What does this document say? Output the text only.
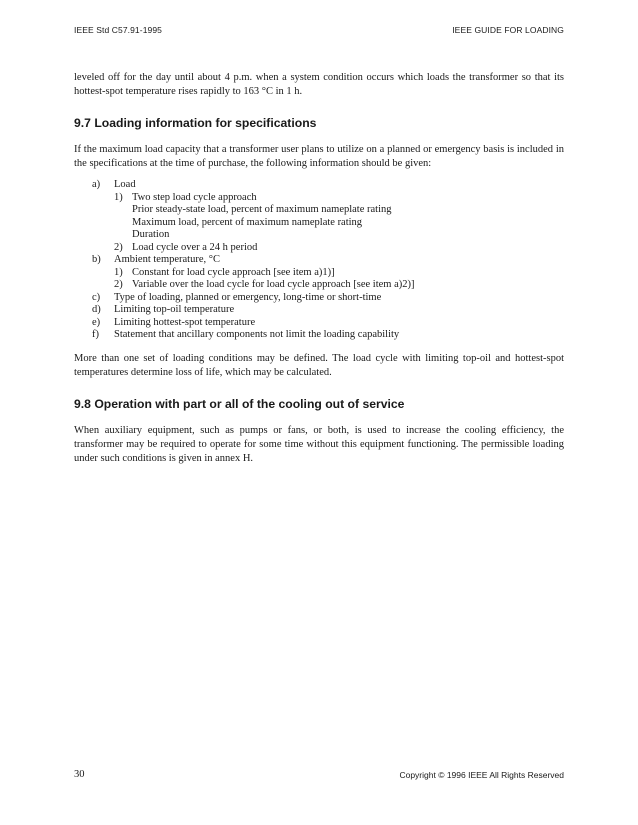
IEEE Std C57.91-1995	IEEE GUIDE FOR LOADING

leveled off for the day until about 4 p.m. when a system condition occurs which loads the transformer so that its hottest-spot temperature rises rapidly to 163 °C in 1 h.

9.7 Loading information for specifications

If the maximum load capacity that a transformer user plans to utilize on a planned or emergency basis is included in the specifications at the time of purchase, the following information should be given:

a) Load
1) Two step load cycle approach
Prior steady-state load, percent of maximum nameplate rating
Maximum load, percent of maximum nameplate rating
Duration
2) Load cycle over a 24 h period
b) Ambient temperature, °C
1) Constant for load cycle approach [see item a)1)]
2) Variable over the load cycle for load cycle approach [see item a)2)]
c) Type of loading, planned or emergency, long-time or short-time
d) Limiting top-oil temperature
e) Limiting hottest-spot temperature
f) Statement that ancillary components not limit the loading capability

More than one set of loading conditions may be defined. The load cycle with limiting top-oil and hottest-spot temperatures determine loss of life, which may be calculated.

9.8 Operation with part or all of the cooling out of service

When auxiliary equipment, such as pumps or fans, or both, is used to increase the cooling efficiency, the transformer may be required to operate for some time without this equipment functioning. The permissible loading under such conditions is given in annex H.

30	Copyright © 1996 IEEE All Rights Reserved
